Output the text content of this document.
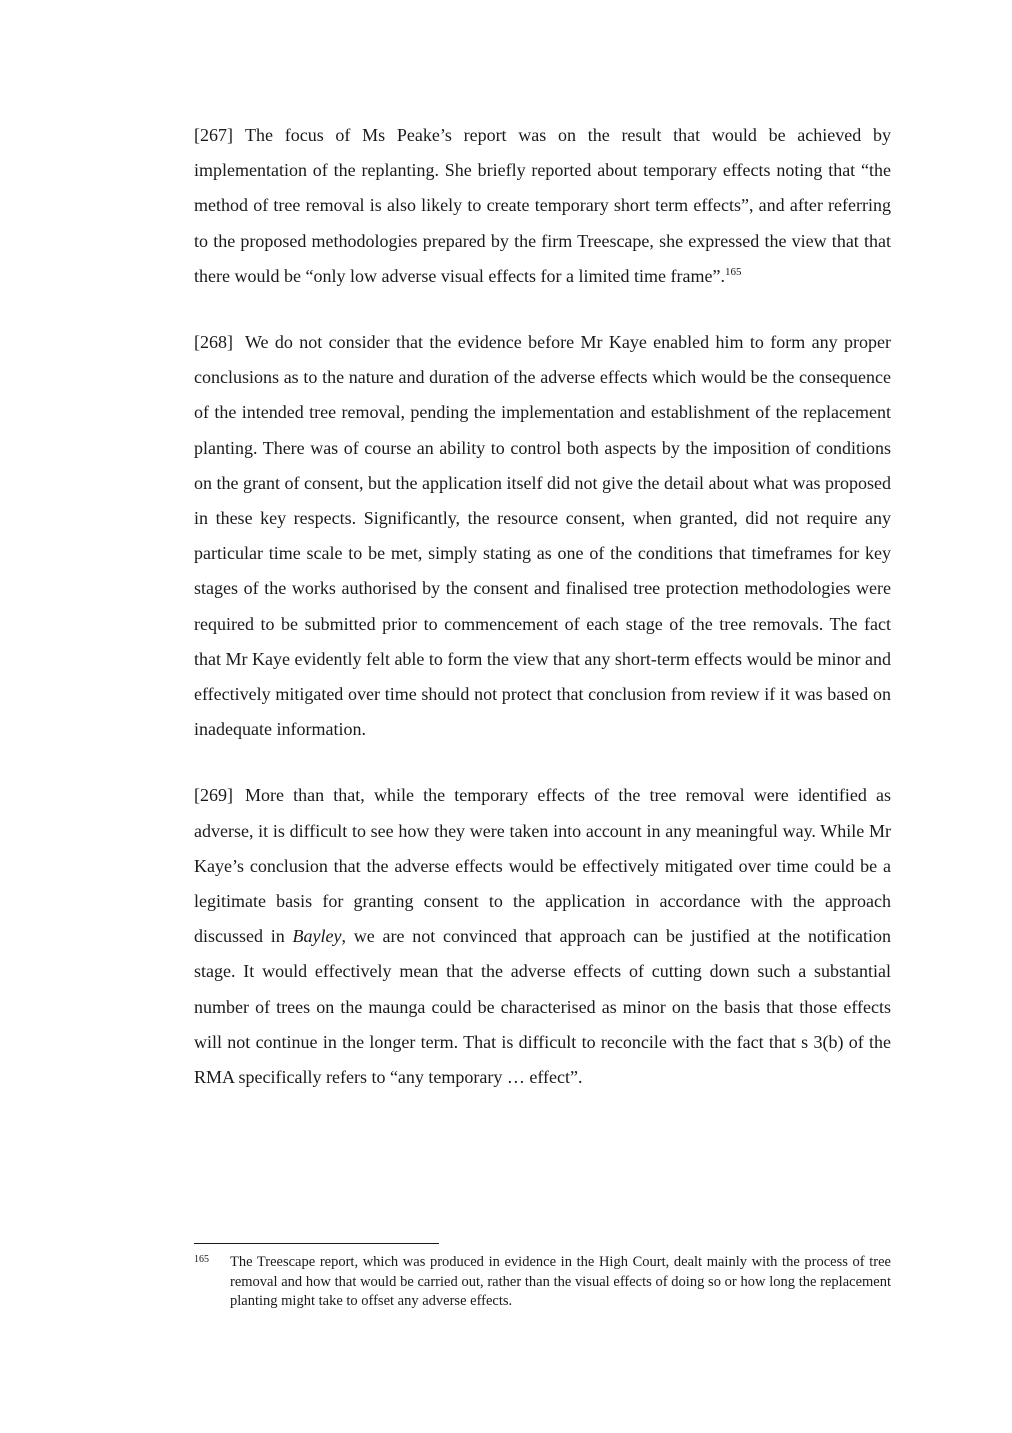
[267] The focus of Ms Peake’s report was on the result that would be achieved by implementation of the replanting. She briefly reported about temporary effects noting that “the method of tree removal is also likely to create temporary short term effects”, and after referring to the proposed methodologies prepared by the firm Treescape, she expressed the view that that there would be “only low adverse visual effects for a limited time frame”.$^{165}$

[268] We do not consider that the evidence before Mr Kaye enabled him to form any proper conclusions as to the nature and duration of the adverse effects which would be the consequence of the intended tree removal, pending the implementation and establishment of the replacement planting. There was of course an ability to control both aspects by the imposition of conditions on the grant of consent, but the application itself did not give the detail about what was proposed in these key respects. Significantly, the resource consent, when granted, did not require any particular time scale to be met, simply stating as one of the conditions that timeframes for key stages of the works authorised by the consent and finalised tree protection methodologies were required to be submitted prior to commencement of each stage of the tree removals. The fact that Mr Kaye evidently felt able to form the view that any short-term effects would be minor and effectively mitigated over time should not protect that conclusion from review if it was based on inadequate information.

[269] More than that, while the temporary effects of the tree removal were identified as adverse, it is difficult to see how they were taken into account in any meaningful way. While Mr Kaye’s conclusion that the adverse effects would be effectively mitigated over time could be a legitimate basis for granting consent to the application in accordance with the approach discussed in Bayley, we are not convinced that approach can be justified at the notification stage. It would effectively mean that the adverse effects of cutting down such a substantial number of trees on the maunga could be characterised as minor on the basis that those effects will not continue in the longer term. That is difficult to reconcile with the fact that s 3(b) of the RMA specifically refers to “any temporary … effect”.

165	The Treescape report, which was produced in evidence in the High Court, dealt mainly with the process of tree removal and how that would be carried out, rather than the visual effects of doing so or how long the replacement planting might take to offset any adverse effects.
